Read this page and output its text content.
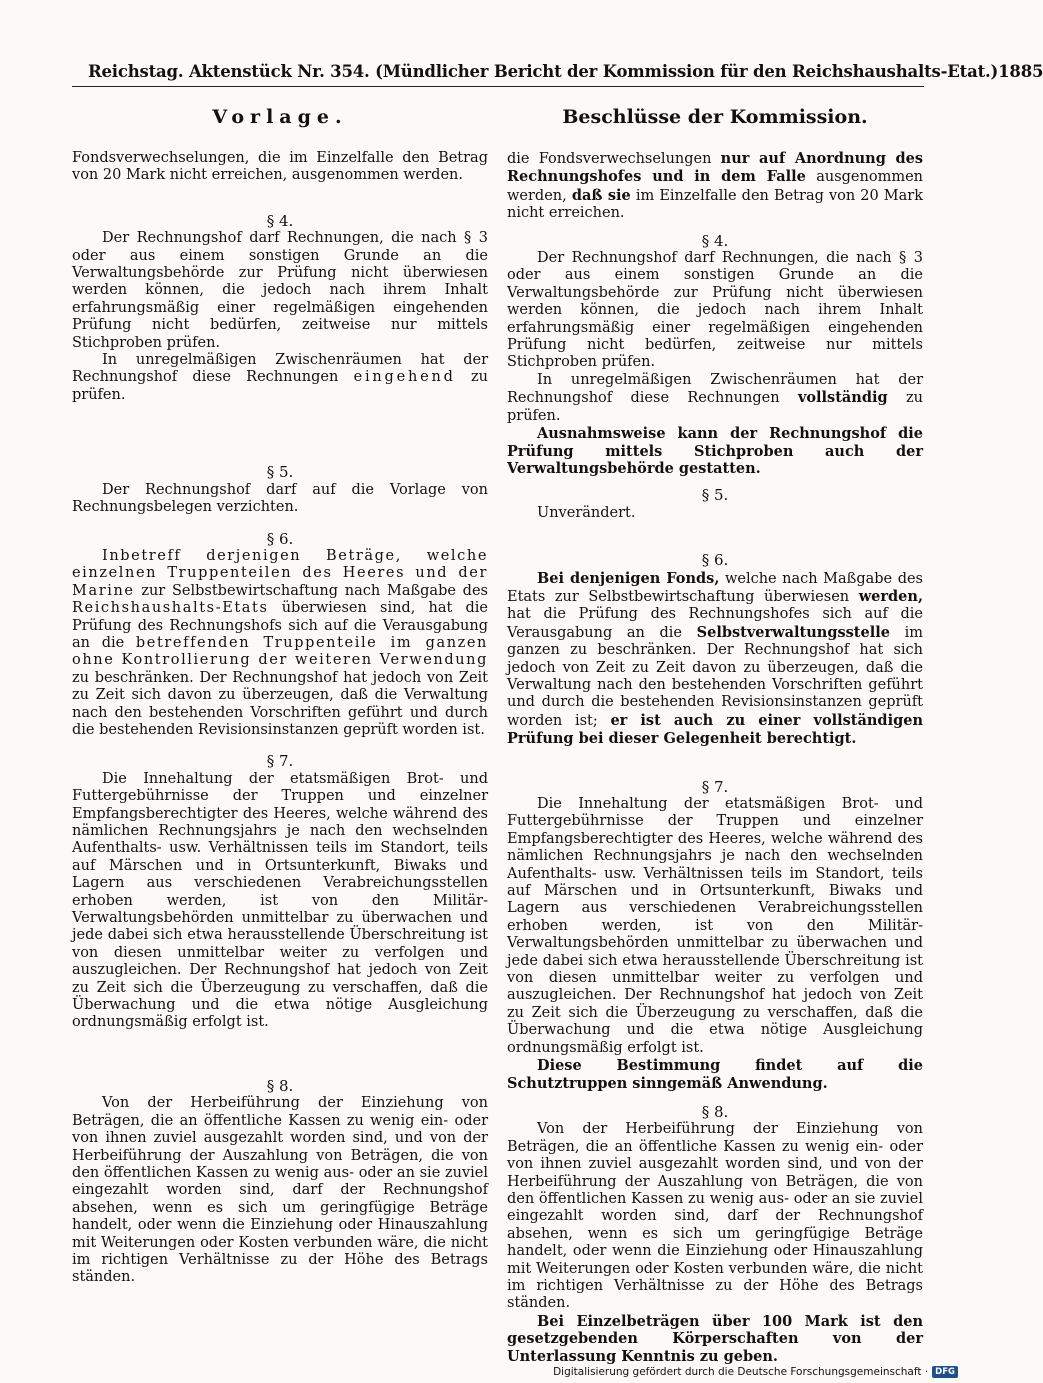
Reichstag. Aktenstück Nr. 354. (Mündlicher Bericht der Kommission für den Reichshaushalts-Etat.) 1885
Vorlage.

Fondsverwechselungen, die im Einzelfalle den Betrag von 20 Mark nicht erreichen, ausgenommen werden.

§ 4.

Der Rechnungshof darf Rechnungen, die nach § 3 oder aus einem sonstigen Grunde an die Verwaltungsbehörde zur Prüfung nicht überwiesen werden können, die jedoch nach ihrem Inhalt erfahrungsmäßig einer regelmäßigen eingehenden Prüfung nicht bedürfen, zeitweise nur mittels Stichproben prüfen.

In unregelmäßigen Zwischenräumen hat der Rechnungshof diese Rechnungen eingehend zu prüfen.

§ 5.

Der Rechnungshof darf auf die Vorlage von Rechnungsbelegen verzichten.

§ 6.

Inbetreff derjenigen Beträge, welche einzelnen Truppenteilen des Heeres und der Marine zur Selbstbewirtschaftung nach Maßgabe des Reichshaushalts-Etats überwiesen sind, hat die Prüfung des Rechnungshofs sich auf die Verausgabung an die betreffenden Truppenteile im ganzen ohne Kontrollierung der weiteren Verwendung zu beschränken. Der Rechnungshof hat jedoch von Zeit zu Zeit sich davon zu überzeugen, daß die Verwaltung nach den bestehenden Vorschriften geführt und durch die bestehenden Revisionsinstanzen geprüft worden ist.

§ 7.

Die Innehaltung der etatsmäßigen Brot- und Futtergebührnisse der Truppen und einzelner Empfangsberechtigter des Heeres, welche während des nämlichen Rechnungsjahrs je nach den wechselnden Aufenthalts- usw. Verhältnissen teils im Standort, teils auf Märschen und in Ortsunterkunft, Biwaks und Lagern aus verschiedenen Verabreichungsstellen erhoben werden, ist von den Militär-Verwaltungsbehörden unmittelbar zu überwachen und jede dabei sich etwa herausstellende Überschreitung ist von diesen unmittelbar weiter zu verfolgen und auszugleichen. Der Rechnungshof hat jedoch von Zeit zu Zeit sich die Überzeugung zu verschaffen, daß die Überwachung und die etwa nötige Ausgleichung ordnungsmäßig erfolgt ist.

§ 8.

Von der Herbeiführung der Einziehung von Beträgen, die an öffentliche Kassen zu wenig ein- oder von ihnen zuviel ausgezahlt worden sind, und von der Herbeiführung der Auszahlung von Beträgen, die von den öffentlichen Kassen zu wenig aus- oder an sie zuviel eingezahlt worden sind, darf der Rechnungshof absehen, wenn es sich um geringfügige Beträge handelt, oder wenn die Einziehung oder Hinauszahlung mit Weiterungen oder Kosten verbunden wäre, die nicht im richtigen Verhältnisse zu der Höhe des Betrags ständen.

Beschlüsse der Kommission.

die Fondsverwechselungen nur auf Anordnung des Rechnungshofes und in dem Falle ausgenommen werden, daß sie im Einzelfalle den Betrag von 20 Mark nicht erreichen.

§ 4.

Der Rechnungshof darf Rechnungen, die nach § 3 oder aus einem sonstigen Grunde an die Verwaltungsbehörde zur Prüfung nicht überwiesen werden können, die jedoch nach ihrem Inhalt erfahrungsmäßig einer regelmäßigen eingehenden Prüfung nicht bedürfen, zeitweise nur mittels Stichproben prüfen.

In unregelmäßigen Zwischenräumen hat der Rechnungshof diese Rechnungen vollständig zu prüfen.

Ausnahmsweise kann der Rechnungshof die Prüfung mittels Stichproben auch der Verwaltungsbehörde gestatten.

§ 5.

Unverändert.

§ 6.

Bei denjenigen Fonds, welche nach Maßgabe des Etats zur Selbstbewirtschaftung überwiesen werden, hat die Prüfung des Rechnungshofes sich auf die Verausgabung an die Selbstverwaltungsstelle im ganzen zu beschränken. Der Rechnungshof hat sich jedoch von Zeit zu Zeit davon zu überzeugen, daß die Verwaltung nach den bestehenden Vorschriften geführt und durch die bestehenden Revisionsinstanzen geprüft worden ist; er ist auch zu einer vollständigen Prüfung bei dieser Gelegenheit berechtigt.

§ 7.

Die Innehaltung der etatsmäßigen Brot- und Futtergebührnisse der Truppen und einzelner Empfangsberechtigter des Heeres, welche während des nämlichen Rechnungsjahrs je nach den wechselnden Aufenthalts- usw. Verhältnissen teils im Standort, teils auf Märschen und in Ortsunterkunft, Biwaks und Lagern aus verschiedenen Verabreichungsstellen erhoben werden, ist von den Militär-Verwaltungsbehörden unmittelbar zu überwachen und jede dabei sich etwa herausstellende Überschreitung ist von diesen unmittelbar weiter zu verfolgen und auszugleichen. Der Rechnungshof hat jedoch von Zeit zu Zeit sich die Überzeugung zu verschaffen, daß die Überwachung und die etwa nötige Ausgleichung ordnungsmäßig erfolgt ist.

Diese Bestimmung findet auf die Schutztruppen sinngemäß Anwendung.

§ 8.

Von der Herbeiführung der Einziehung von Beträgen, die an öffentliche Kassen zu wenig ein- oder von ihnen zuviel ausgezahlt worden sind, und von der Herbeiführung der Auszahlung von Beträgen, die von den öffentlichen Kassen zu wenig aus- oder an sie zuviel eingezahlt worden sind, darf der Rechnungshof absehen, wenn es sich um geringfügige Beträge handelt, oder wenn die Einziehung oder Hinauszahlung mit Weiterungen oder Kosten verbunden wäre, die nicht im richtigen Verhältnisse zu der Höhe des Betrags ständen.

Bei Einzelbeträgen über 100 Mark ist den gesetzgebenden Körperschaften von der Unterlassung Kenntnis zu geben.

Digitalisierung gefördert durch die Deutsche Forschungsgemeinschaft · DFG
